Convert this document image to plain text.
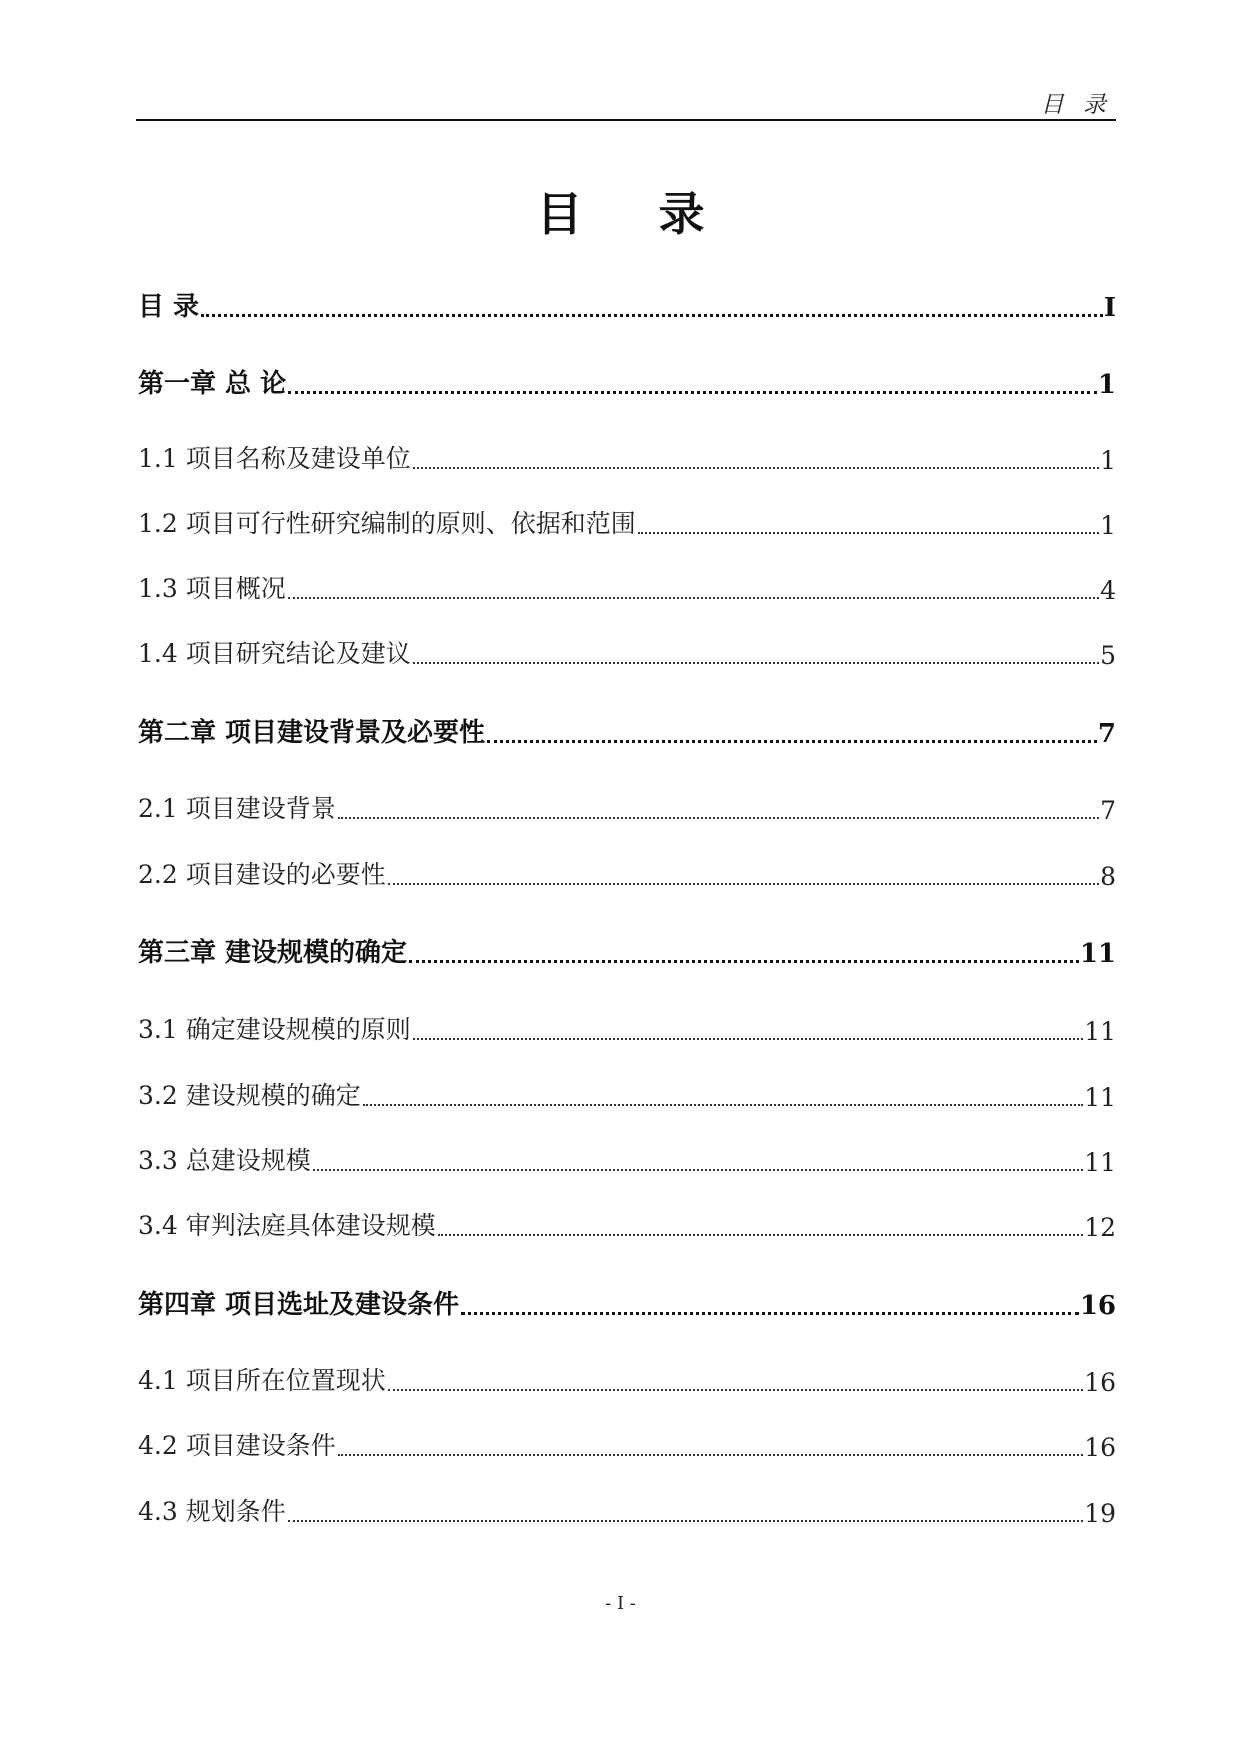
目 录
目 录
目 录	I
第一章 总 论	1
1.1 项目名称及建设单位	1
1.2 项目可行性研究编制的原则、依据和范围	1
1.3 项目概况	4
1.4 项目研究结论及建议	5
第二章 项目建设背景及必要性	7
2.1 项目建设背景	7
2.2 项目建设的必要性	8
第三章 建设规模的确定	11
3.1 确定建设规模的原则	11
3.2 建设规模的确定	11
3.3 总建设规模	11
3.4 审判法庭具体建设规模	12
第四章 项目选址及建设条件	16
4.1 项目所在位置现状	16
4.2 项目建设条件	16
4.3 规划条件	19
- I -
